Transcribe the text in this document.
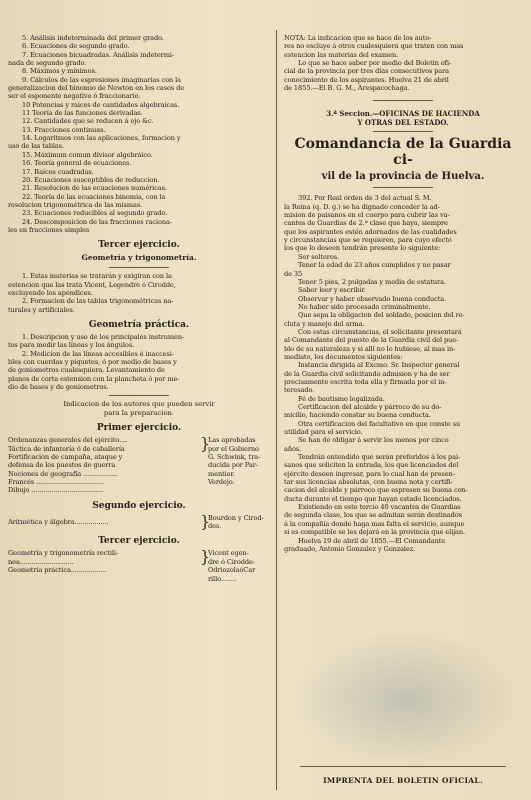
5. Análisis indeterminada del primer grado.
6. Ecuaciones de segundo grado.
7. Ecuaciones bicuadradas. Análisis indetermi-
nada de segundo grado.
8. Máximos y mínimos.
9. Cálculos de las espresiones imaginarias con la
generalizacion del binomio de Newton en los casos de
ser el esponente negativo ó fraccionario.
10 Potencias y raices de cantidades algebraicas.
11 Teoría de las funciones derivadas.
12. Cantidades que se reducen á ojo &c.
13. Fracciones continuas.
14. Logaritmos con las aplicaciones, formacion y
uso de las tablas.
15. Máximum comun divisor algebráico.
16. Teoría general de ecuaciones.
17. Raíces cuadradas.
20. Ecuaciones susceptibles de reduccion.
21. Resolucion de las ecuaciones numéricas.
22. Teoría de las ecuaciones binomia, con la
resolucion trigonométrica de las mismas.
23. Ecuaciones reducibles al segundo grado.
24. Descomposicion de las fracciones raciona-
les en fracciones simples
Tercer ejercicio.
Geometría y trigonometría.
1. Estas materias se tratarán y exigiran con la
estencion que las trata Vicent, Legendre ó Cirodde,
excluyendo los apéndices.
2. Formacion de las tablas trigonométricas na-
turales y artificiales.
Geometría práctica.
1. Descripcion y uso de los principales instrumen-
tos para medir las líneas y los ángulos.
2. Medicion de las líneas accesibles é inaccesi-
bles con cuerdas y piquetes, ó por medio de bases y
de goniometros cualesquiera. Levantamiento de
planos de corta estension con la plancheta ó por me-
dio de bases y de goniometros.
Indicacion de los autores que pueden servir
para la preparacion.
Primer ejercicio.
Ordenanzas generales del ejército....
Táctica de infantería ó de caballería
Fortificacion de campaña, ataque y
defensa de los puestos de guerra
Nociones de geografía .................
Francés ..................................
Dibujo ....................................
}
Las aprobadas
por el Gobierno
G. Schwink, tra-
ducida por Par-
mentier.
Verdejo.
Segundo ejercicio.
Aritmética y álgebra.................	}
Bourdon y Cirod-
des.
Tercer ejercicio.
Geometría y trigonometría rectilí-
nea...........................
Geometría práctica..................
}
Vicent egen-
dre ó Cirodde-
OdriozolaóCar
rillo........
NOTA: La indicacion que se hace de los auto-
res no escluye á otros cualesquiera que traten con mas
estencion las materias del examen.
Lo que se hace saber por medio del Boletin ofi-
cial de la provincia por tres dias consecutivos para
conocimiento de los aspirantes. Huelva 21 de abril
de 1855.—El B. G. M., Arespacochaga.
3.ª Seccion.—OFICINAS DE HACIENDA
Y OTRAS DEL ESTADO.
Comandancia de la Guardia ci-
vil de la provincia de Huelva.
392. Por Real órden de 3 del actual S. M.
la Reina (q. D. g.) se ha dignado conceder la ad-
mision de paisanos en el cuerpo para cubrir las va-
cantes de Guardias de 2.ª clase que haya, siempre
que los aspirantes estén adornados de las cualidades
y circunstancias que se requieren, para cuyo efecto
los que lo deseen tendrán presente lo siguiente:
Ser solteros.
Tener la edad de 23 años cumplidos y no pasar
de 35
Tener 5 pies, 2 pulgadas y media de estatura.
Saber leer y escribir.
Observar y haber observado buena conducta.
No haber sido procesado criminalmente.
Que sepa la obligacion del soldado, posicion del re-
cluta y manejo del arma.
Con estas circunstancias, el solicitante presentará
al Comandante del puesto de la Guardia civil del pue-
blo de su naturaleza y si allí no lo hubiese, al mas in-
mediato, los documentos siguientes:
Instancia dirigida al Excmo. Sr. Inspector general
de la Guardia civil solicitando admision y ha de ser
precisamente escrita toda ella y firmada por el in-
teresado.
Fé de bautismo legalizada.
Certificacion del alcalde y párroco de su do-
micilio, haciendo constar su buena conducta.
Otra certificacion del facultativo en que conste su
utilidad para el servicio.
Se han de obligar á servir los menos por cinco
años.
Tendrán entendido que serán preferidos á los pai-
sanos que soliciten la entrada, los que licenciados del
ejército deseen ingresar, para lo cual han de presen-
tar sus licencias absolutas, con buena nota y certifi-
cacion del alcalde y párroco que espresen su buena con-
ducta durante el tiempo que hayan estado licenciados.
Existiendo en este tercio 40 vacantes de Guardias
de segunda clase, los que se admitan serán destinados
á la compañía donde haga mas falta el servicio, aunque
si es compatible se les dejará en la provincia que elijan.
Huelva 19 de abril de 1855.—El Comandante
graduado, Antonio Gonzalez y Gonzalez.
IMPRENTA DEL BOLETIN OFICIAL.
